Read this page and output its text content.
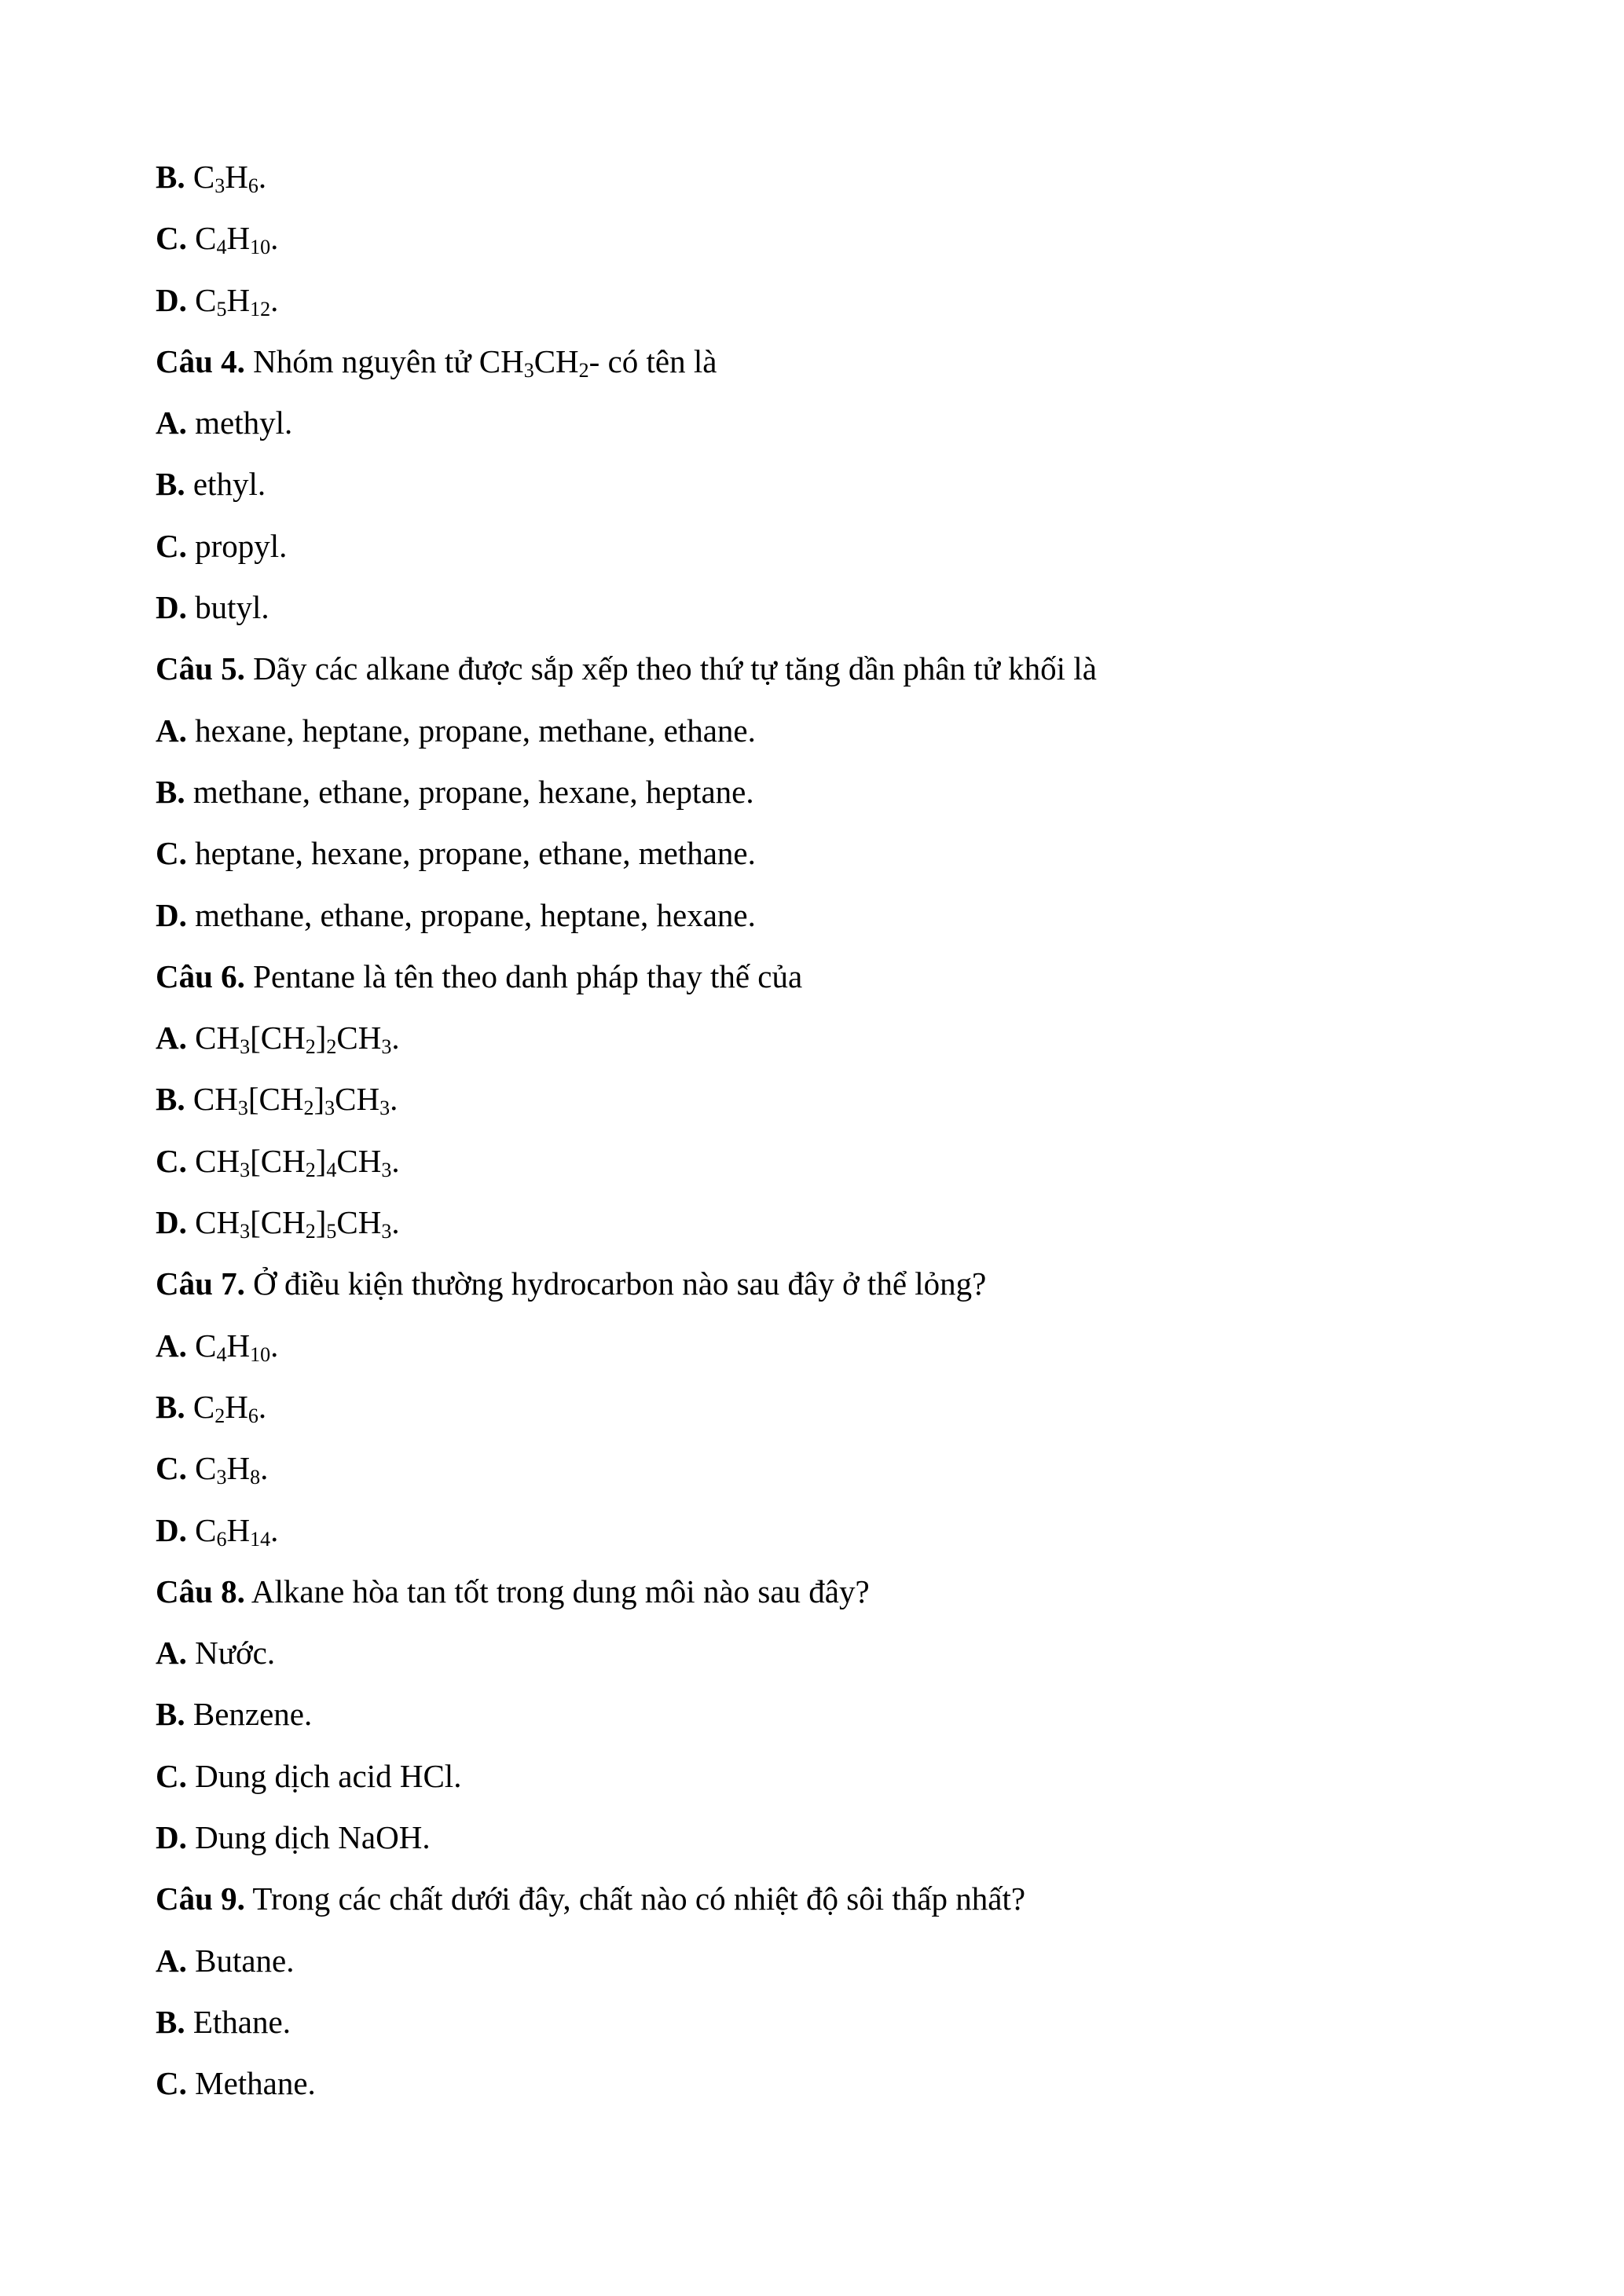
B. $C_3H_6$.
C. $C_4H_{10}$.
D. $C_5H_{12}$.
Câu 4. Nhóm nguyên tử $CH_3CH_2-$ có tên là
A. methyl.
B. ethyl.
C. propyl.
D. butyl.
Câu 5. Dãy các alkane được sắp xếp theo thứ tự tăng dần phân tử khối là
A. hexane, heptane, propane, methane, ethane.
B. methane, ethane, propane, hexane, heptane.
C. heptane, hexane, propane, ethane, methane.
D. methane, ethane, propane, heptane, hexane.
Câu 6. Pentane là tên theo danh pháp thay thế của
A. $CH_3[CH_2]_2CH_3$.
B. $CH_3[CH_2]_3CH_3$.
C. $CH_3[CH_2]_4CH_3$.
D. $CH_3[CH_2]_5CH_3$.
Câu 7. Ở điều kiện thường hydrocarbon nào sau đây ở thể lỏng?
A. $C_4H_{10}$.
B. $C_2H_6$.
C. $C_3H_8$.
D. $C_6H_{14}$.
Câu 8. Alkane hòa tan tốt trong dung môi nào sau đây?
A. Nước.
B. Benzene.
C. Dung dịch acid HCl.
D. Dung dịch NaOH.
Câu 9. Trong các chất dưới đây, chất nào có nhiệt độ sôi thấp nhất?
A. Butane.
B. Ethane.
C. Methane.
